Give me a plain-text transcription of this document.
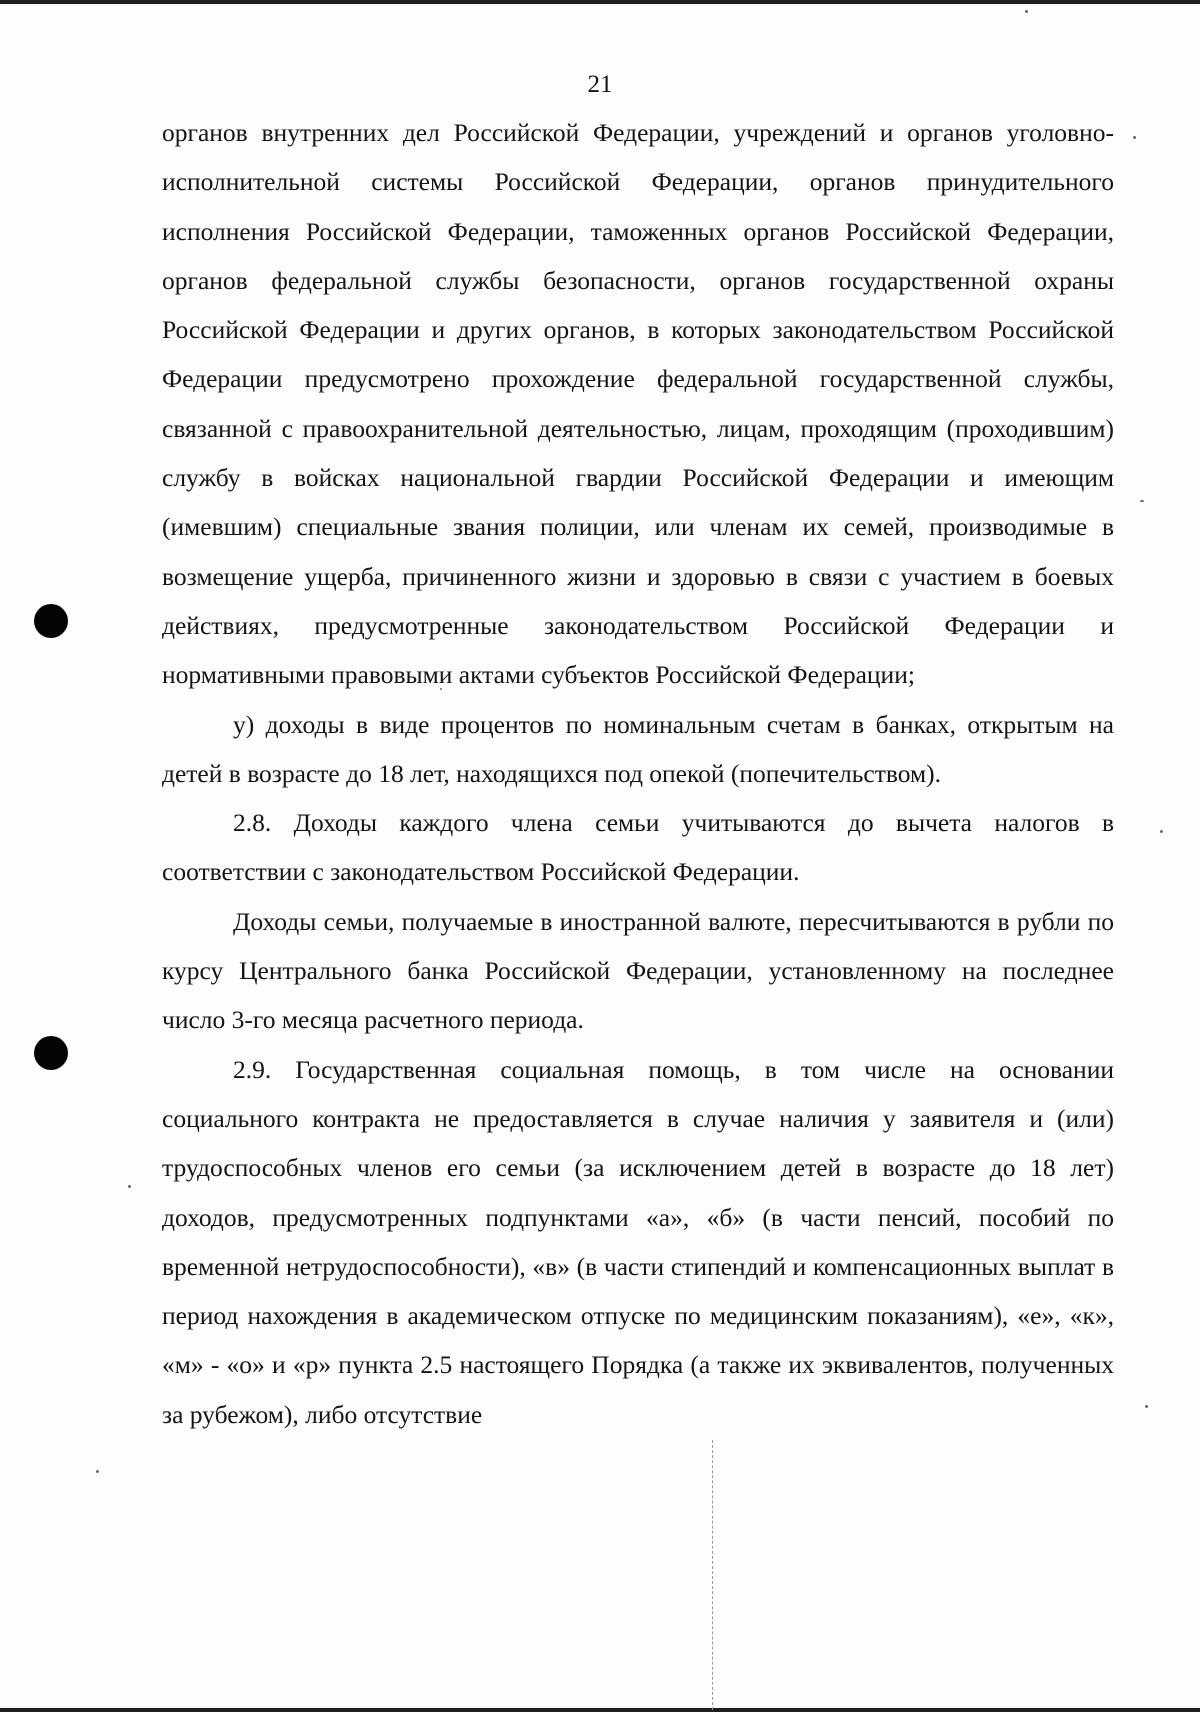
21

органов внутренних дел Российской Федерации, учреждений и органов уголовно-исполнительной системы Российской Федерации, органов принудительного исполнения Российской Федерации, таможенных органов Российской Федерации, органов федеральной службы безопасности, органов государственной охраны Российской Федерации и других органов, в которых законодательством Российской Федерации предусмотрено прохождение федеральной государственной службы, связанной с правоохранительной деятельностью, лицам, проходящим (проходившим) службу в войсках национальной гвардии Российской Федерации и имеющим (имевшим) специальные звания полиции, или членам их семей, производимые в возмещение ущерба, причиненного жизни и здоровью в связи с участием в боевых действиях, предусмотренные законодательством Российской Федерации и нормативными правовыми актами субъектов Российской Федерации;

у) доходы в виде процентов по номинальным счетам в банках, открытым на детей в возрасте до 18 лет, находящихся под опекой (попечительством).

2.8. Доходы каждого члена семьи учитываются до вычета налогов в соответствии с законодательством Российской Федерации.

Доходы семьи, получаемые в иностранной валюте, пересчитываются в рубли по курсу Центрального банка Российской Федерации, установленному на последнее число 3-го месяца расчетного периода.

2.9. Государственная социальная помощь, в том числе на основании социального контракта не предоставляется в случае наличия у заявителя и (или) трудоспособных членов его семьи (за исключением детей в возрасте до 18 лет) доходов, предусмотренных подпунктами «а», «б» (в части пенсий, пособий по временной нетрудоспособности), «в» (в части стипендий и компенсационных выплат в период нахождения в академическом отпуске по медицинским показаниям), «е», «к», «м» - «о» и «р» пункта 2.5 настоящего Порядка (а также их эквивалентов, полученных за рубежом), либо отсутствие
